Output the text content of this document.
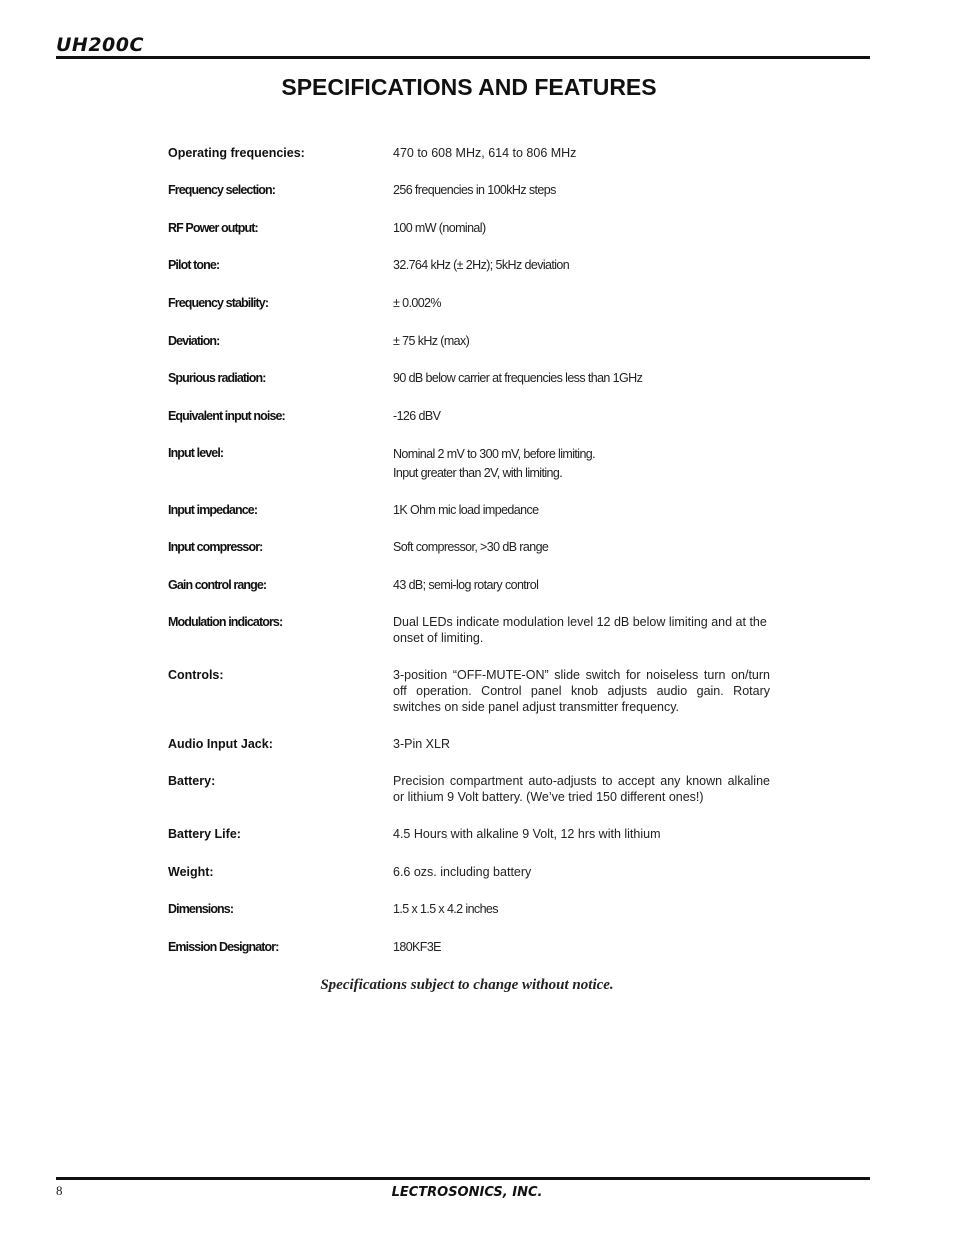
UH200C
SPECIFICATIONS AND FEATURES
Operating frequencies:	470 to 608 MHz, 614 to 806 MHz
Frequency selection:	256 frequencies in 100kHz steps
RF Power output:	100 mW (nominal)
Pilot tone:	32.764 kHz (± 2Hz); 5kHz deviation
Frequency stability:	± 0.002%
Deviation:	± 75 kHz (max)
Spurious radiation:	90 dB below carrier at frequencies less than 1GHz
Equivalent input noise:	-126 dBV
Input level:	Nominal 2 mV to 300 mV, before limiting.
Input greater than 2V, with limiting.
Input impedance:	1K Ohm mic load impedance
Input compressor:	Soft compressor, >30 dB range
Gain control range:	43 dB; semi-log rotary control
Modulation indicators:	Dual LEDs indicate modulation level 12 dB below limiting and at the onset of limiting.
Controls:	3-position “OFF-MUTE-ON” slide switch for noiseless turn on/turn off operation. Control panel knob adjusts audio gain. Rotary switches on side panel adjust transmitter frequency.
Audio Input Jack:	3-Pin XLR
Battery:	Precision compartment auto-adjusts to accept any known alkaline or lithium 9 Volt battery. (We’ve tried 150 different ones!)
Battery Life:	4.5 Hours with alkaline 9 Volt, 12 hrs with lithium
Weight:	6.6 ozs. including battery
Dimensions:	1.5 x 1.5 x 4.2 inches
Emission Designator:	180KF3E
Specifications subject to change without notice.
8	LECTROSONICS, INC.
